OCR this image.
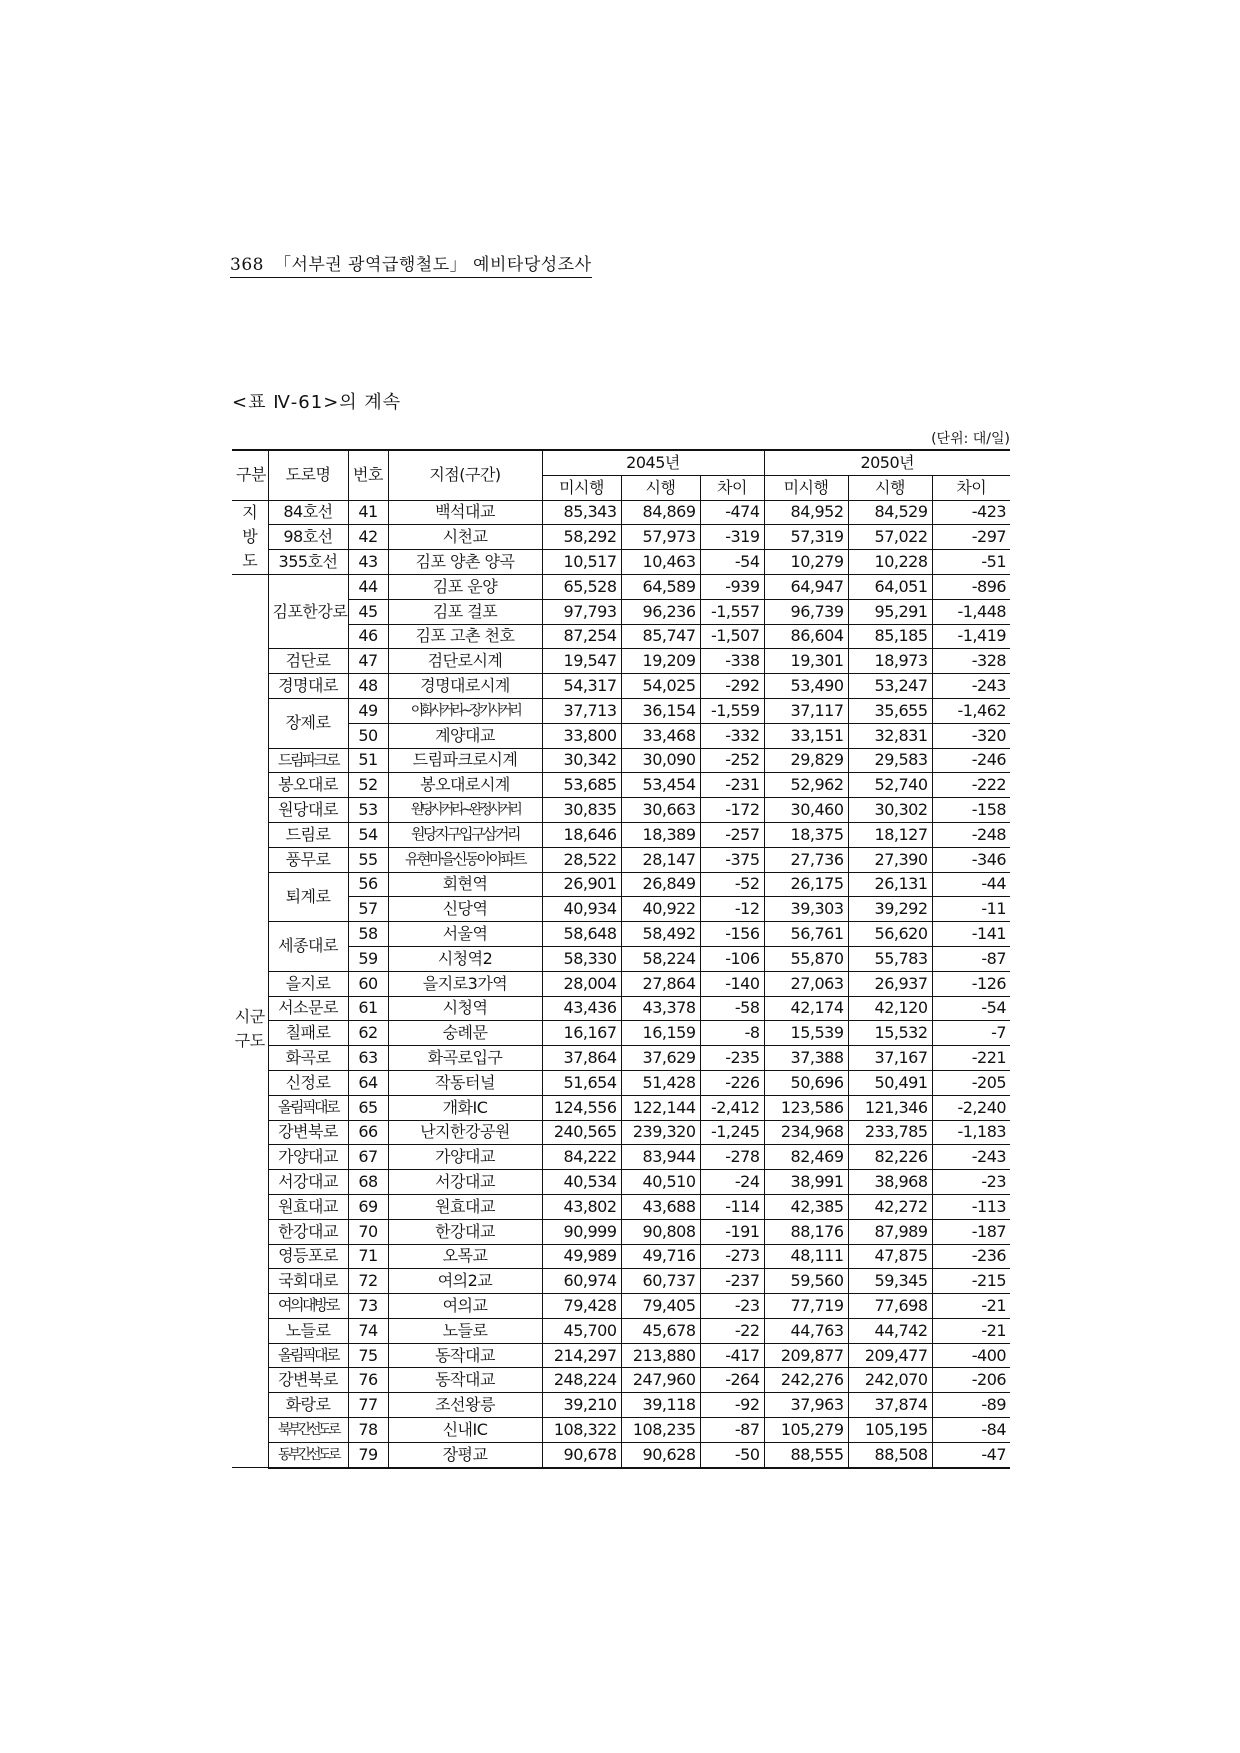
368 「서부권 광역급행철도」 예비타당성조사
<표 Ⅳ-61>의 계속
(단위: 대/일)
구분	도로명	번호	지점(구간)	2045년			2050년		
				미시행	시행	차이	미시행	시행	차이

지
방
도	84호선	41	백석대교	85,343	84,869	-474	84,952	84,529	-423
	98호선	42	시천교	58,292	57,973	-319	57,319	57,022	-297
	355호선	43	김포 양촌 양곡	10,517	10,463	-54	10,279	10,228	-51

시군
구도	김포한강로	44	김포 운양	65,528	64,589	-939	64,947	64,051	-896
		45	김포 걸포	97,793	96,236	-1,557	96,739	95,291	-1,448
		46	김포 고촌 천호	87,254	85,747	-1,507	86,604	85,185	-1,419
	검단로	47	검단로시계	19,547	19,209	-338	19,301	18,973	-328
	경명대로	48	경명대로시계	54,317	54,025	-292	53,490	53,247	-243
	장제로	49	이화사거리~장기사거리	37,713	36,154	-1,559	37,117	35,655	-1,462
		50	계양대교	33,800	33,468	-332	33,151	32,831	-320
	드림파크로	51	드림파크로시계	30,342	30,090	-252	29,829	29,583	-246
	봉오대로	52	봉오대로시계	53,685	53,454	-231	52,962	52,740	-222
	원당대로	53	원당사거리~완정사거리	30,835	30,663	-172	30,460	30,302	-158
	드림로	54	원당지구입구삼거리	18,646	18,389	-257	18,375	18,127	-248
	풍무로	55	유현마을신동아아파트	28,522	28,147	-375	27,736	27,390	-346
	퇴계로	56	회현역	26,901	26,849	-52	26,175	26,131	-44
		57	신당역	40,934	40,922	-12	39,303	39,292	-11
	세종대로	58	서울역	58,648	58,492	-156	56,761	56,620	-141
		59	시청역2	58,330	58,224	-106	55,870	55,783	-87
	을지로	60	을지로3가역	28,004	27,864	-140	27,063	26,937	-126
	서소문로	61	시청역	43,436	43,378	-58	42,174	42,120	-54
	칠패로	62	숭례문	16,167	16,159	-8	15,539	15,532	-7
	화곡로	63	화곡로입구	37,864	37,629	-235	37,388	37,167	-221
	신정로	64	작동터널	51,654	51,428	-226	50,696	50,491	-205
	올림픽대로	65	개화IC	124,556	122,144	-2,412	123,586	121,346	-2,240
	강변북로	66	난지한강공원	240,565	239,320	-1,245	234,968	233,785	-1,183
	가양대교	67	가양대교	84,222	83,944	-278	82,469	82,226	-243
	서강대교	68	서강대교	40,534	40,510	-24	38,991	38,968	-23
	원효대교	69	원효대교	43,802	43,688	-114	42,385	42,272	-113
	한강대교	70	한강대교	90,999	90,808	-191	88,176	87,989	-187
	영등포로	71	오목교	49,989	49,716	-273	48,111	47,875	-236
	국회대로	72	여의2교	60,974	60,737	-237	59,560	59,345	-215
	여의대방로	73	여의교	79,428	79,405	-23	77,719	77,698	-21
	노들로	74	노들로	45,700	45,678	-22	44,763	44,742	-21
	올림픽대로	75	동작대교	214,297	213,880	-417	209,877	209,477	-400
	강변북로	76	동작대교	248,224	247,960	-264	242,276	242,070	-206
	화랑로	77	조선왕릉	39,210	39,118	-92	37,963	37,874	-89
	북부간선도로	78	신내IC	108,322	108,235	-87	105,279	105,195	-84
	동부간선도로	79	장평교	90,678	90,628	-50	88,555	88,508	-47
